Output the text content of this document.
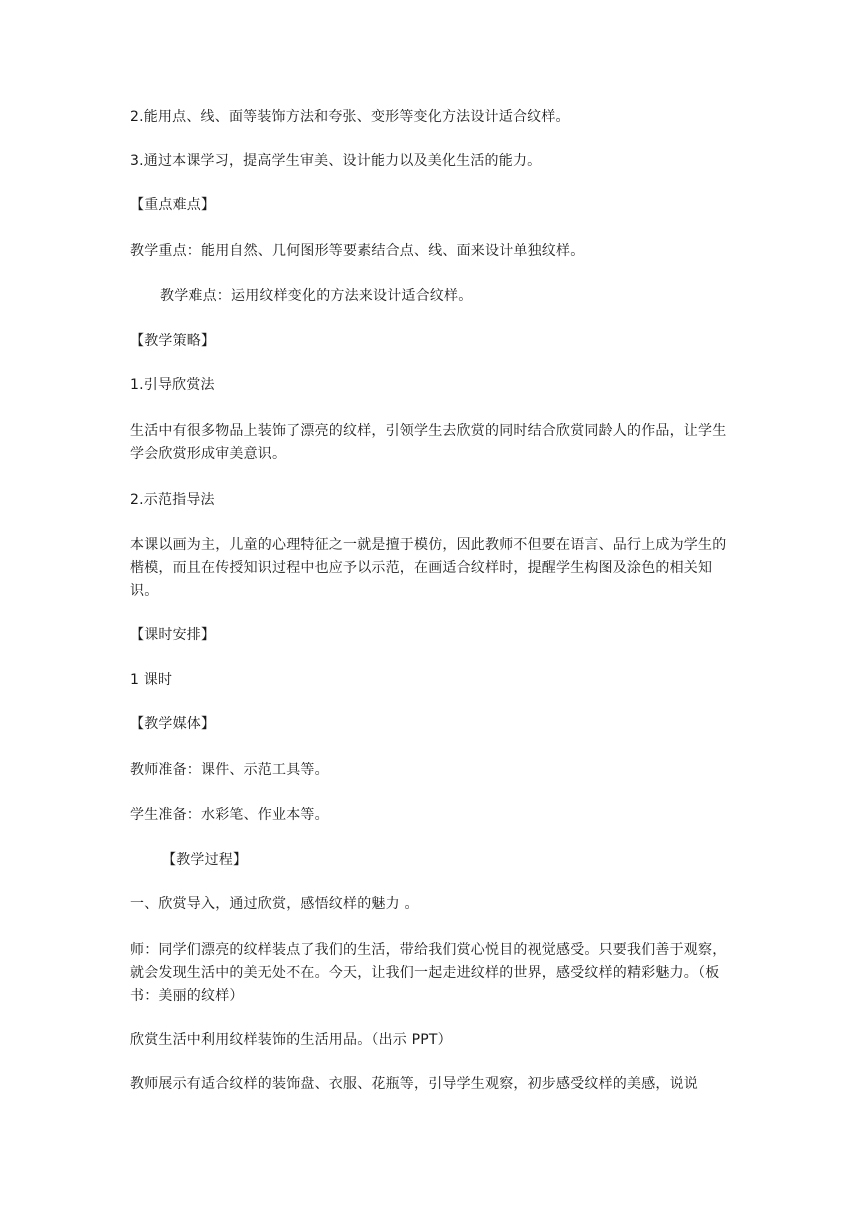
2.能用点、线、面等装饰方法和夸张、变形等变化方法设计适合纹样。
3.通过本课学习，提高学生审美、设计能力以及美化生活的能力。
【重点难点】
教学重点：能用自然、几何图形等要素结合点、线、面来设计单独纹样。
教学难点：运用纹样变化的方法来设计适合纹样。
【教学策略】
1.引导欣赏法
生活中有很多物品上装饰了漂亮的纹样，引领学生去欣赏的同时结合欣赏同龄人的作品，让学生学会欣赏形成审美意识。
2.示范指导法
本课以画为主，儿童的心理特征之一就是擅于模仿，因此教师不但要在语言、品行上成为学生的楷模，而且在传授知识过程中也应予以示范，在画适合纹样时，提醒学生构图及涂色的相关知识。
【课时安排】
1 课时
【教学媒体】
教师准备：课件、示范工具等。
学生准备：水彩笔、作业本等。
【教学过程】
一、欣赏导入，通过欣赏，感悟纹样的魅力 。
师：同学们漂亮的纹样装点了我们的生活，带给我们赏心悦目的视觉感受。只要我们善于观察，就会发现生活中的美无处不在。今天，让我们一起走进纹样的世界，感受纹样的精彩魅力。（板书：美丽的纹样）
欣赏生活中利用纹样装饰的生活用品。（出示 PPT）
教师展示有适合纹样的装饰盘、衣服、花瓶等，引导学生观察，初步感受纹样的美感，说说
